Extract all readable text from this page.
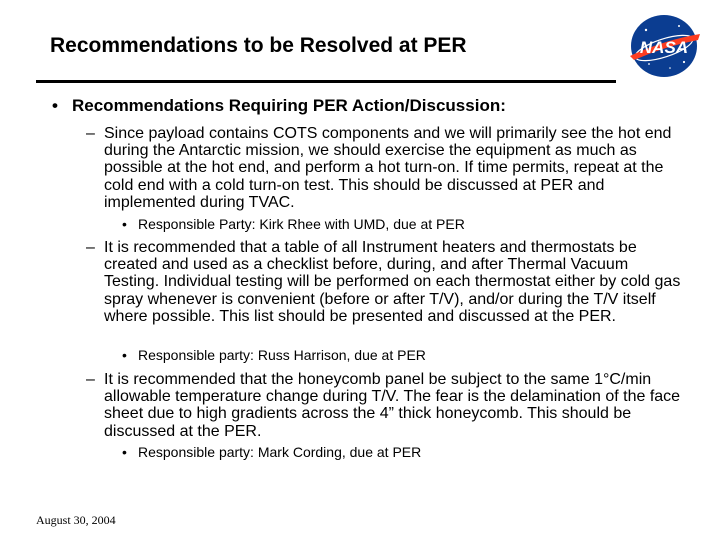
Recommendations to be Resolved at PER	NASA
• Recommendations Requiring PER Action/Discussion:
– Since payload contains COTS components and we will primarily see the hot end during the Antarctic mission, we should exercise the equipment as much as possible at the hot end, and perform a hot turn-on. If time permits, repeat at the cold end with a cold turn-on test. This should be discussed at PER and implemented during TVAC.
• Responsible Party: Kirk Rhee with UMD, due at PER
– It is recommended that a table of all Instrument heaters and thermostats be created and used as a checklist before, during, and after Thermal Vacuum Testing. Individual testing will be performed on each thermostat either by cold gas spray whenever is convenient (before or after T/V), and/or during the T/V itself where possible. This list should be presented and discussed at the PER.
• Responsible party: Russ Harrison, due at PER
– It is recommended that the honeycomb panel be subject to the same 1°C/min allowable temperature change during T/V. The fear is the delamination of the face sheet due to high gradients across the 4” thick honeycomb. This should be discussed at the PER.
• Responsible party: Mark Cording, due at PER
August 30, 2004
